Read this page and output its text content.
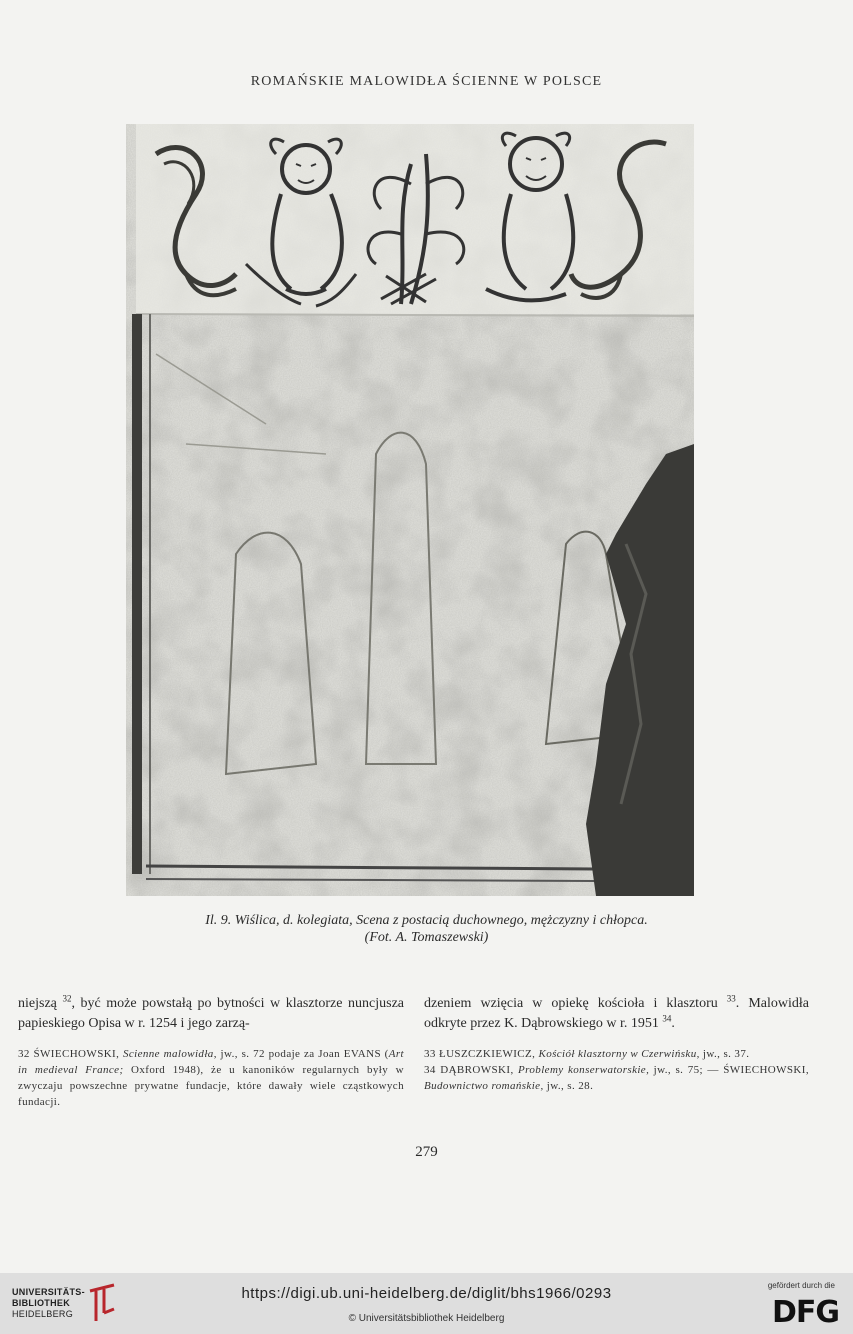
ROMAŃSKIE MALOWIDŁA ŚCIENNE W POLSCE
Il. 9. Wiślica, d. kolegiata, Scena z postacią duchownego, mężczyzny i chłopca.
(Fot. A. Tomaszewski)
niejszą $^{32}$, być może powstałą po bytności w klasztorze nuncjusza papieskiego Opisa w r. 1254 i jego zarzą-
dzeniem wzięcia w opiekę kościoła i klasztoru $^{33}$. Malowidła odkryte przez K. Dąbrowskiego w r. 1951 $^{34}$.

32 ŚWIECHOWSKI, Scienne malowidła, jw., s. 72 podaje za Joan EVANS (Art in medieval France; Oxford 1948), że u kanoników regularnych były w zwyczaju powszechne prywatne fundacje, które dawały wiele cząstkowych fundacji.

33 ŁUSZCZKIEWICZ, Kościół klasztorny w Czerwińsku, jw., s. 37.

34 DĄBROWSKI, Problemy konserwatorskie, jw., s. 75; — ŚWIECHOWSKI, Budownictwo romańskie, jw., s. 28.

279
UNIVERSITÄTS-
BIBLIOTHEK
HEIDELBERG
https://digi.ub.uni-heidelberg.de/diglit/bhs1966/0293
© Universitätsbibliothek Heidelberg
gefördert durch die
DFG
